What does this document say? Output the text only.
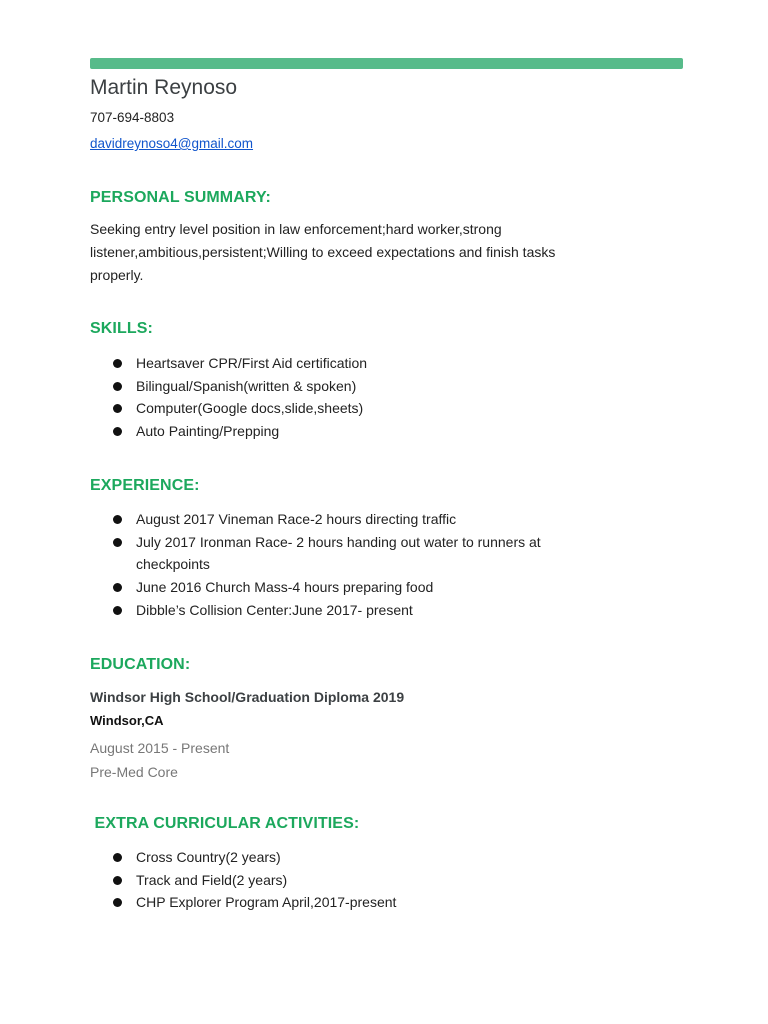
Martin Reynoso
707-694-8803
davidreynoso4@gmail.com
PERSONAL SUMMARY:
Seeking entry level position in law enforcement;hard worker,strong listener,ambitious,persistent;Willing to exceed expectations and finish tasks properly.
SKILLS:
Heartsaver CPR/First Aid certification
Bilingual/Spanish(written & spoken)
Computer(Google docs,slide,sheets)
Auto Painting/Prepping
EXPERIENCE:
August 2017 Vineman Race-2 hours directing traffic
July 2017 Ironman Race- 2 hours handing out water to runners at checkpoints
June 2016 Church Mass-4 hours preparing food
Dibble’s Collision Center:June 2017- present
EDUCATION:
Windsor High School/Graduation Diploma 2019
Windsor,CA
August 2015 - Present
Pre-Med Core
EXTRA CURRICULAR ACTIVITIES:
Cross Country(2 years)
Track and Field(2 years)
CHP Explorer Program April,2017-present
